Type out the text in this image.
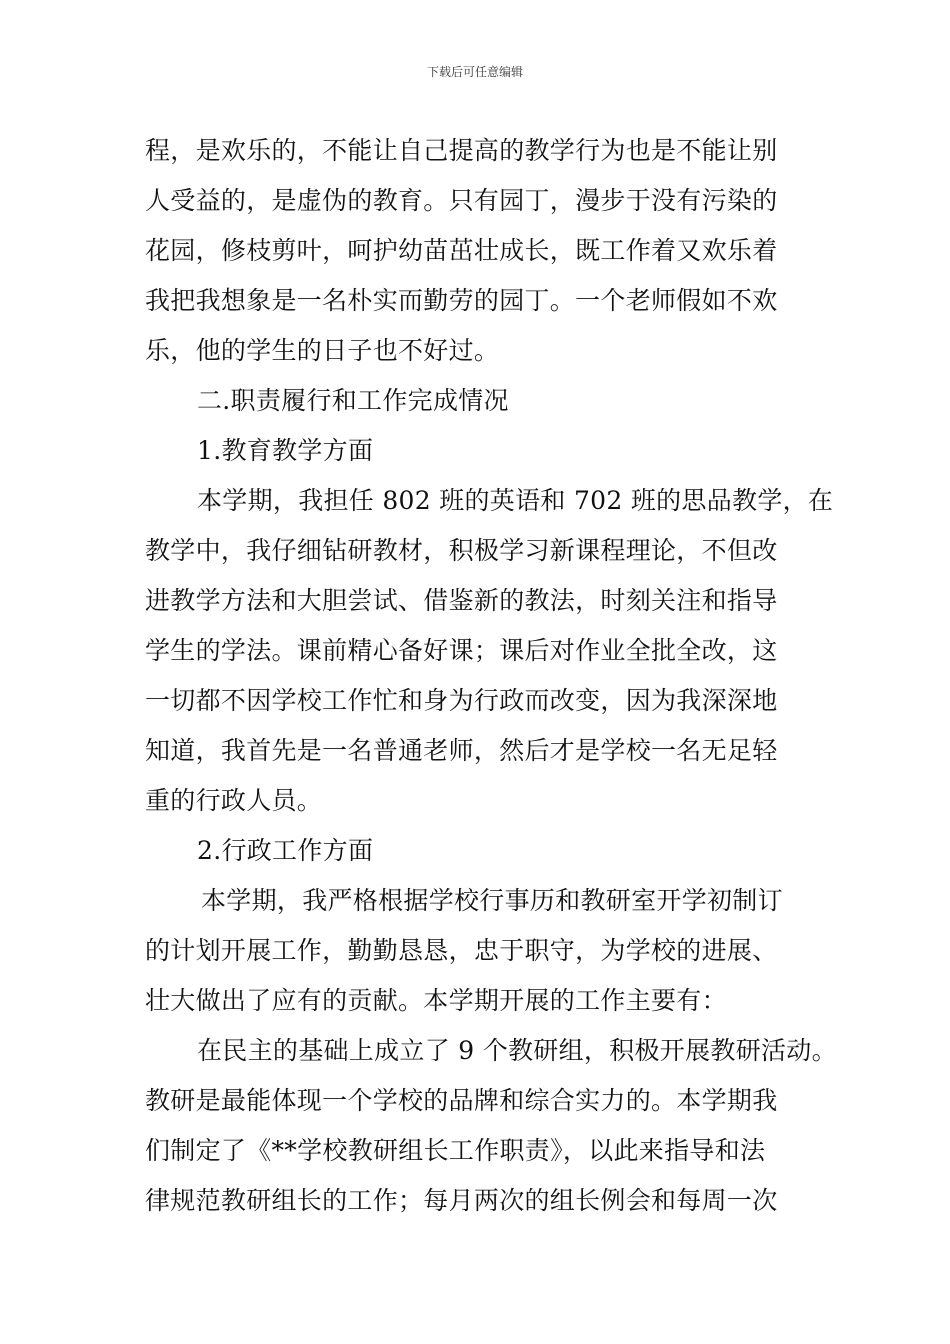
下载后可任意编辑
程，是欢乐的，不能让自己提高的教学行为也是不能让别
人受益的，是虚伪的教育。只有园丁，漫步于没有污染的
花园，修枝剪叶，呵护幼苗茁壮成长，既工作着又欢乐着
我把我想象是一名朴实而勤劳的园丁。一个老师假如不欢
乐，他的学生的日子也不好过。
二.职责履行和工作完成情况
1.教育教学方面
本学期，我担任 802 班的英语和 702 班的思品教学，在
教学中，我仔细钻研教材，积极学习新课程理论，不但改
进教学方法和大胆尝试、借鉴新的教法，时刻关注和指导
学生的学法。课前精心备好课；课后对作业全批全改，这
一切都不因学校工作忙和身为行政而改变，因为我深深地
知道，我首先是一名普通老师，然后才是学校一名无足轻
重的行政人员。
2.行政工作方面
本学期，我严格根据学校行事历和教研室开学初制订
的计划开展工作，勤勤恳恳，忠于职守，为学校的进展、
壮大做出了应有的贡献。本学期开展的工作主要有：
在民主的基础上成立了 9 个教研组，积极开展教研活动。
教研是最能体现一个学校的品牌和综合实力的。本学期我
们制定了《**学校教研组长工作职责》，以此来指导和法
律规范教研组长的工作；每月两次的组长例会和每周一次
